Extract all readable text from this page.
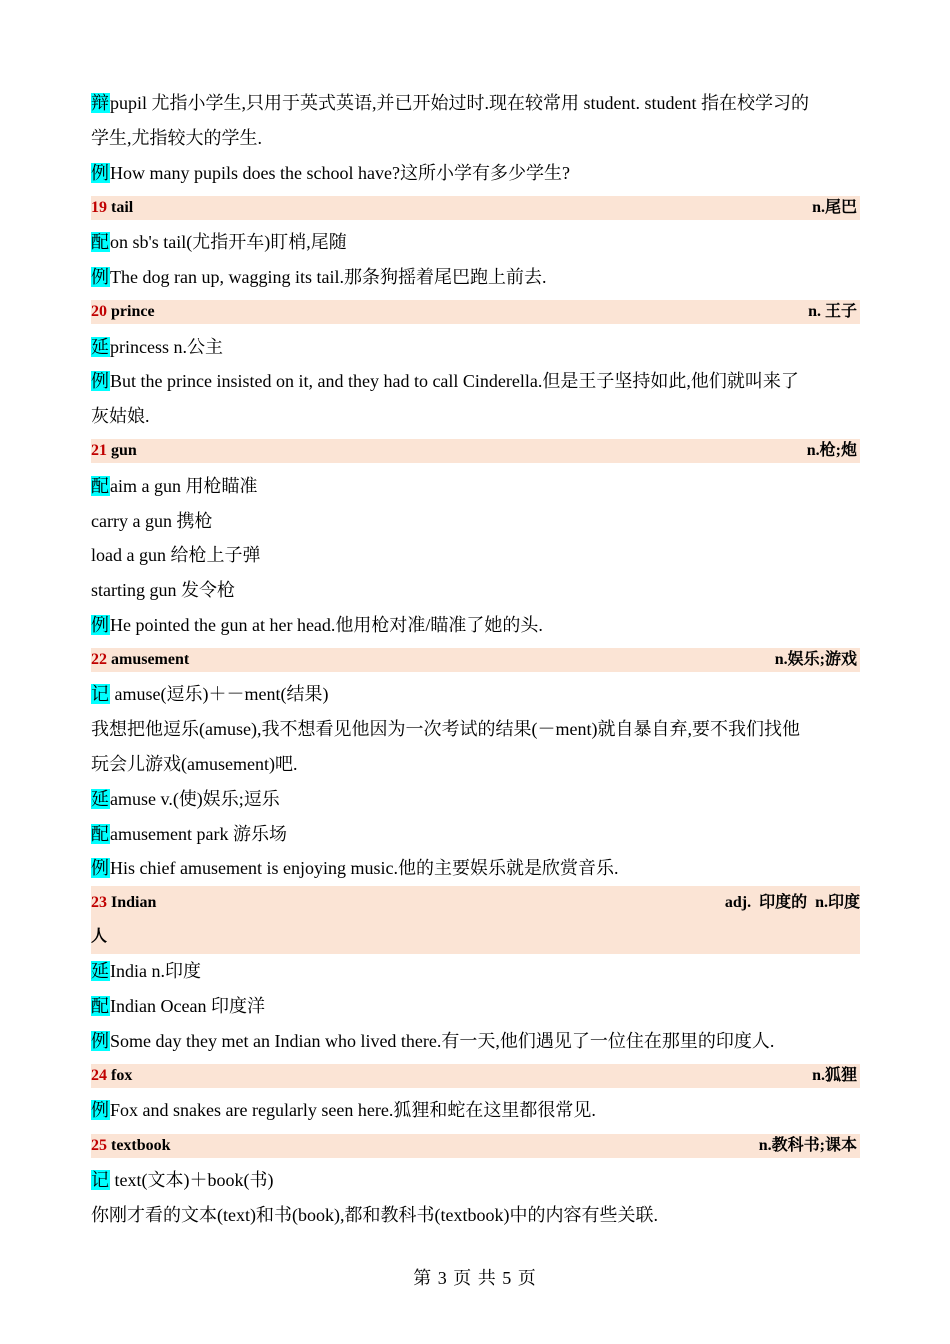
辩pupil 尤指小学生,只用于英式英语,并已开始过时.现在较常用 student. student 指在校学习的
学生,尤指较大的学生.
例How many pupils does the school have?这所小学有多少学生?
19 tail	n.尾巴
配on sb's tail(尤指开车)盯梢,尾随
例The dog ran up, wagging its tail.那条狗摇着尾巴跑上前去.
20 prince	n. 王子
延princess n.公主
例But the prince insisted on it, and they had to call Cinderella.但是王子坚持如此,他们就叫来了
灰姑娘.
21 gun	n.枪;炮
配aim a gun 用枪瞄准
carry a gun 携枪
load a gun 给枪上子弹
starting gun 发令枪
例He pointed the gun at her head.他用枪对准/瞄准了她的头.
22 amusement	n.娱乐;游戏
记 amuse(逗乐)＋－ment(结果)
我想把他逗乐(amuse),我不想看见他因为一次考试的结果(－ment)就自暴自弃,要不我们找他
玩会儿游戏(amusement)吧.
延amuse v.(使)娱乐;逗乐
配amusement park 游乐场
例His chief amusement is enjoying music.他的主要娱乐就是欣赏音乐.
23 Indian	adj.  印度的  n.印度
人
延India n.印度
配Indian Ocean 印度洋
例Some day they met an Indian who lived there.有一天,他们遇见了一位住在那里的印度人.
24 fox	n.狐狸
例Fox and snakes are regularly seen here.狐狸和蛇在这里都很常见.
25 textbook	n.教科书;课本
记 text(文本)＋book(书)
你刚才看的文本(text)和书(book),都和教科书(textbook)中的内容有些关联.
第 3 页 共 5 页
